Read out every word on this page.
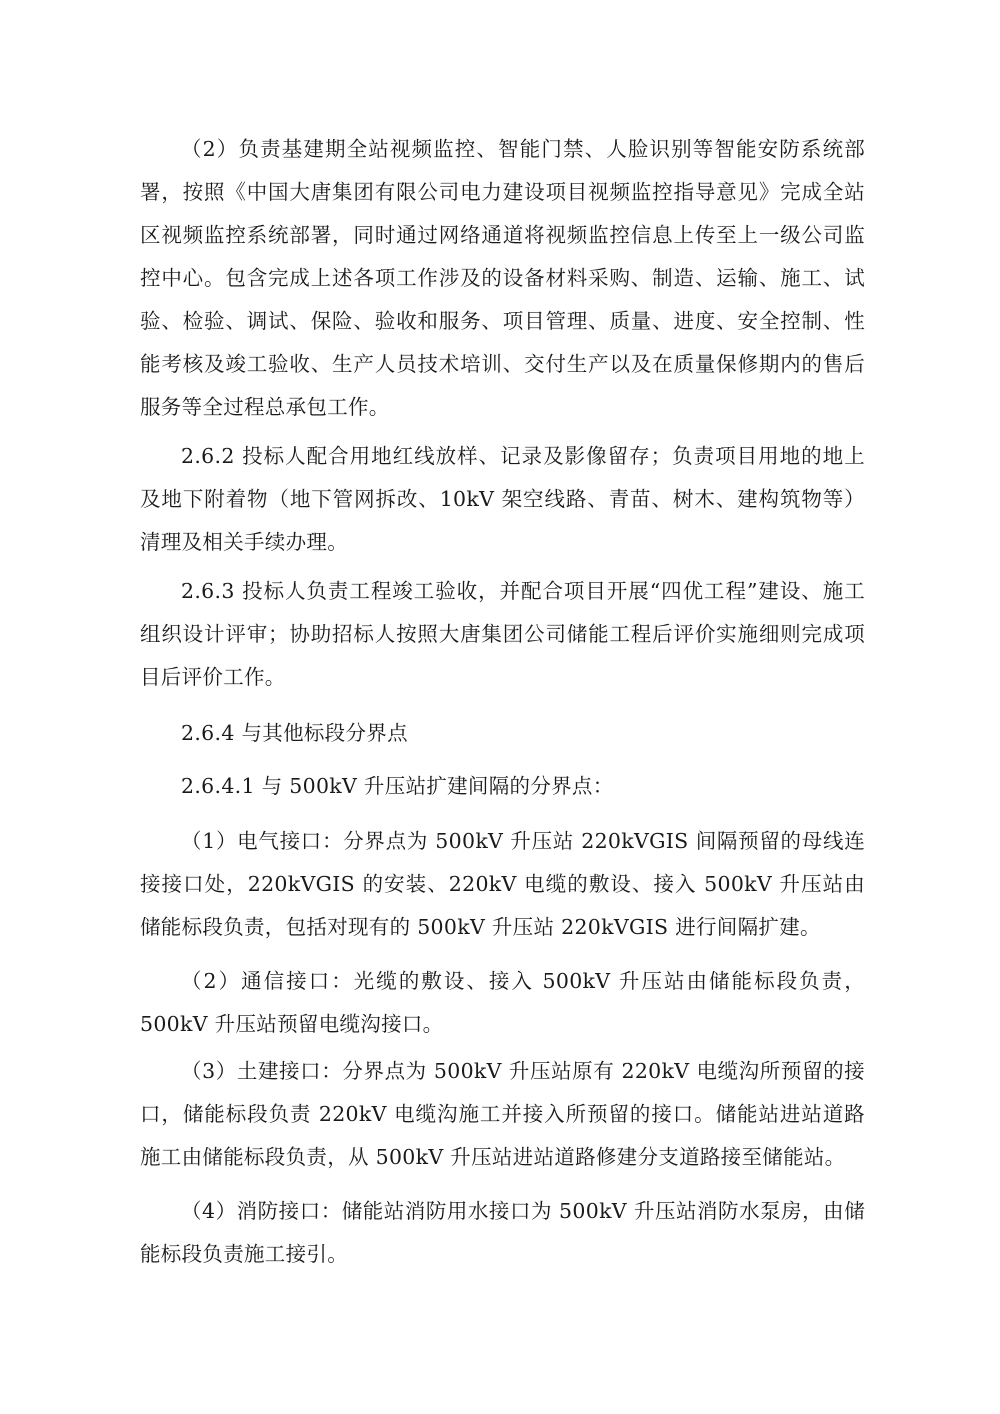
（2）负责基建期全站视频监控、智能门禁、人脸识别等智能安防系统部署，按照《中国大唐集团有限公司电力建设项目视频监控指导意见》完成全站区视频监控系统部署，同时通过网络通道将视频监控信息上传至上一级公司监控中心。包含完成上述各项工作涉及的设备材料采购、制造、运输、施工、试验、检验、调试、保险、验收和服务、项目管理、质量、进度、安全控制、性能考核及竣工验收、生产人员技术培训、交付生产以及在质量保修期内的售后服务等全过程总承包工作。

2.6.2 投标人配合用地红线放样、记录及影像留存；负责项目用地的地上及地下附着物（地下管网拆改、10kV 架空线路、青苗、树木、建构筑物等）清理及相关手续办理。

2.6.3 投标人负责工程竣工验收，并配合项目开展“四优工程”建设、施工组织设计评审；协助招标人按照大唐集团公司储能工程后评价实施细则完成项目后评价工作。

2.6.4 与其他标段分界点

2.6.4.1 与 500kV 升压站扩建间隔的分界点：

（1）电气接口：分界点为 500kV 升压站 220kVGIS 间隔预留的母线连接接口处，220kVGIS 的安装、220kV 电缆的敷设、接入 500kV 升压站由储能标段负责，包括对现有的 500kV 升压站 220kVGIS 进行间隔扩建。

（2）通信接口：光缆的敷设、接入 500kV 升压站由储能标段负责，500kV 升压站预留电缆沟接口。

（3）土建接口：分界点为 500kV 升压站原有 220kV 电缆沟所预留的接口，储能标段负责 220kV 电缆沟施工并接入所预留的接口。储能站进站道路施工由储能标段负责，从 500kV 升压站进站道路修建分支道路接至储能站。

（4）消防接口：储能站消防用水接口为 500kV 升压站消防水泵房，由储能标段负责施工接引。
